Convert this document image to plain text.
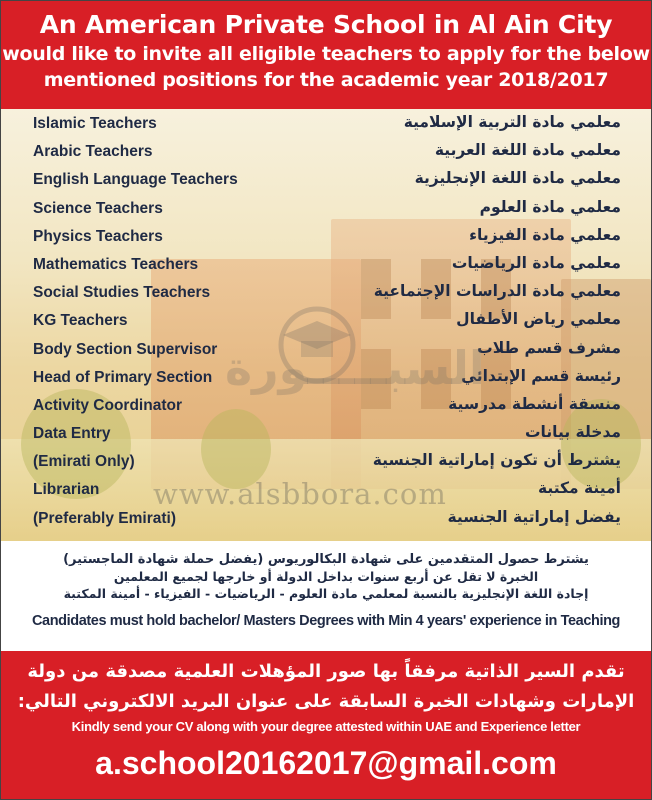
An American Private School in Al Ain City
would like to invite all eligible teachers to apply for the below
mentioned positions for the academic year 2018/2017
Islamic Teachers	معلمي مادة التربية الإسلامية
Arabic Teachers	معلمي مادة اللغة العربية
English Language Teachers	معلمي مادة اللغة الإنجليزية
Science Teachers	معلمي مادة العلوم
Physics Teachers	معلمي مادة الفيزياء
Mathematics Teachers	معلمي مادة الرياضيات
Social Studies Teachers	معلمي مادة الدراسات الإجتماعية
KG Teachers	معلمي رياض الأطفال
Body Section Supervisor	مشرف قسم طلاب
Head of Primary Section	رئيسة قسم الإبتدائي
Activity Coordinator	منسقة أنشطة مدرسية
Data Entry	مدخلة بيانات
(Emirati Only)	يشترط أن تكون إماراتية الجنسية
Librarian	أمينة مكتبة
(Preferably Emirati)	يفضل إماراتية الجنسية
السبـــــورة
www.alsbbora.com
يشترط حصول المتقدمين على شهادة البكالوريوس (يفضل حملة شهادة الماجستير)
الخبرة لا تقل عن أربع سنوات بداخل الدولة أو خارجها لجميع المعلمين
إجادة اللغة الإنجليزية بالنسبة لمعلمي مادة العلوم - الرياضيات - الفيزياء - أمينة المكتبة
Candidates must hold bachelor/ Masters Degrees with Min 4 years' experience in Teaching
تقدم السير الذاتية مرفقاً بها صور المؤهلات العلمية مصدقة من دولة
الإمارات وشهادات الخبرة السابقة على عنوان البريد الالكتروني التالي:
Kindly send your CV along with your degree attested within UAE and Experience letter
a.school20162017@gmail.com
